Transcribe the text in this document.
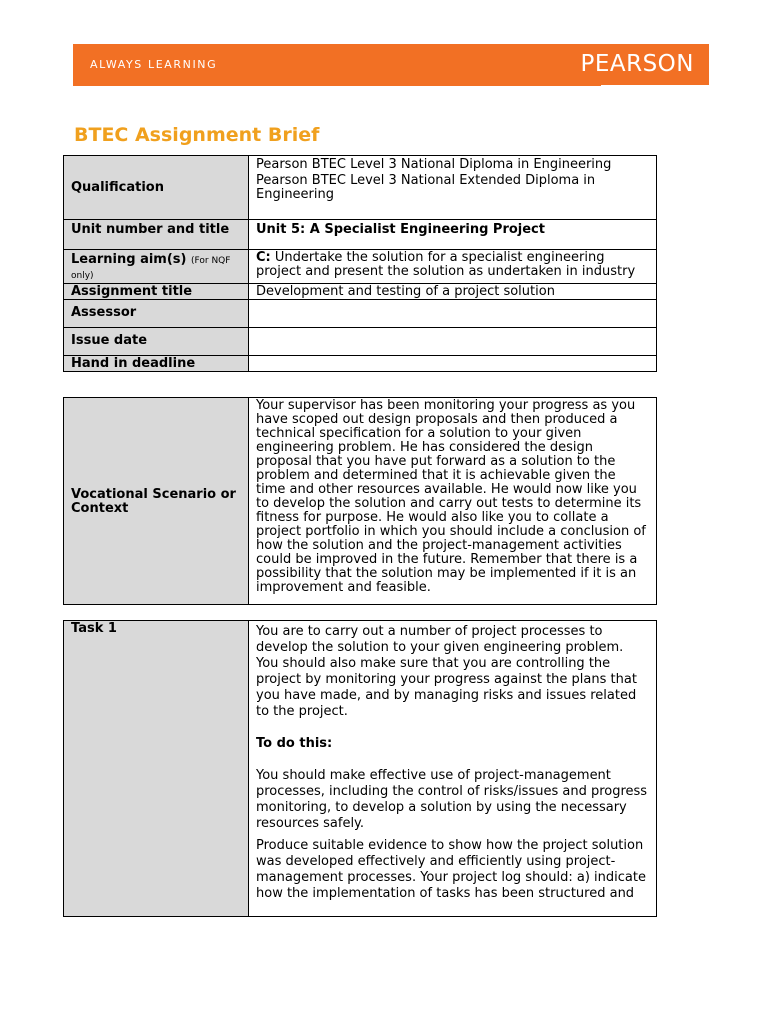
ALWAYS LEARNING	PEARSON
BTEC Assignment Brief
Qualification	Pearson BTEC Level 3 National Diploma in Engineering
Pearson BTEC Level 3 National Extended Diploma in Engineering

Unit number and title	Unit 5: A Specialist Engineering Project
Learning aim(s) (For NQF only)	C: Undertake the solution for a specialist engineering project and present the solution as undertaken in industry
Assignment title	Development and testing of a project solution
Assessor	
Issue date	
Hand in deadline	
Vocational Scenario or Context	Your supervisor has been monitoring your progress as you have scoped out design proposals and then produced a technical specification for a solution to your given engineering problem. He has considered the design proposal that you have put forward as a solution to the problem and determined that it is achievable given the time and other resources available. He would now like you to develop the solution and carry out tests to determine its fitness for purpose. He would also like you to collate a project portfolio in which you should include a conclusion of how the solution and the project-management activities could be improved in the future. Remember that there is a possibility that the solution may be implemented if it is an improvement and feasible.
Task 1	You are to carry out a number of project processes to develop the solution to your given engineering problem. You should also make sure that you are controlling the project by monitoring your progress against the plans that you have made, and by managing risks and issues related to the project.

To do this:

You should make effective use of project-management processes, including the control of risks/issues and progress monitoring, to develop a solution by using the necessary resources safely.

Produce suitable evidence to show how the project solution was developed effectively and efficiently using project-management processes. Your project log should: a) indicate how the implementation of tasks has been structured and
